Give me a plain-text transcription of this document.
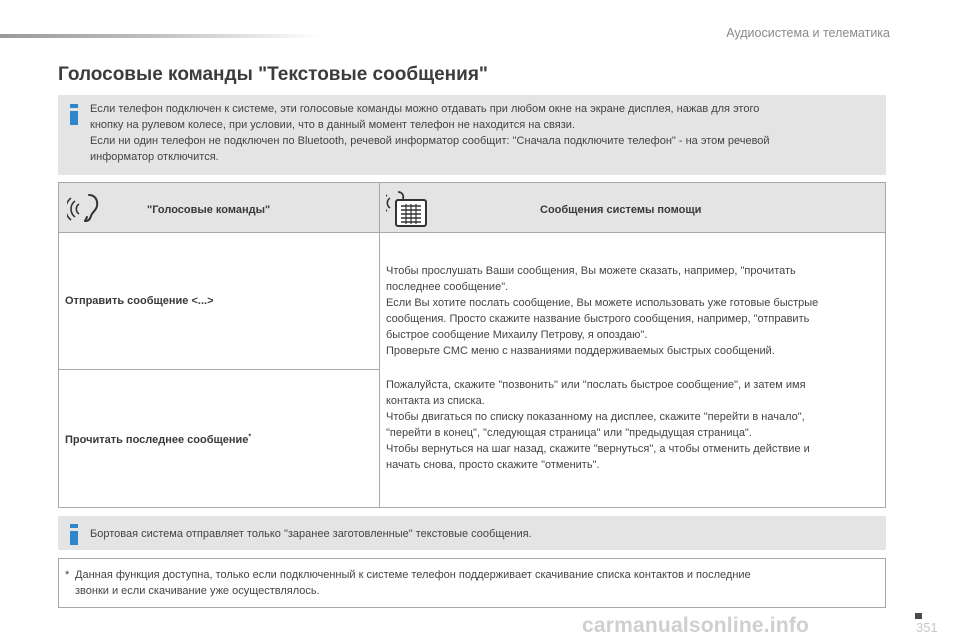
Аудиосистема и телематика
Голосовые команды "Текстовые сообщения"
Если телефон подключен к системе, эти голосовые команды можно отдавать при любом окне на экране дисплея, нажав для этого
кнопку на рулевом колесе, при условии, что в данный момент телефон не находится на связи.
Если ни один телефон не подключен по Bluetooth, речевой информатор сообщит: "Сначала подключите телефон" - на этом речевой
информатор отключится.
"Голосовые команды"	Сообщения системы помощи
Отправить сообщение <...>
Прочитать последнее сообщение*
Чтобы прослушать Ваши сообщения, Вы можете сказать, например, "прочитать
последнее сообщение".
Если Вы хотите послать сообщение, Вы можете использовать уже готовые быстрые
сообщения. Просто скажите название быстрого сообщения, например, "отправить
быстрое сообщение Михаилу Петрову, я опоздаю".
Проверьте СМС меню с названиями поддерживаемых быстрых сообщений.
Пожалуйста, скажите "позвонить" или "послать быстрое сообщение", и затем имя
контакта из списка.
Чтобы двигаться по списку показанному на дисплее, скажите "перейти в начало",
"перейти в конец", "следующая страница" или "предыдущая страница".
Чтобы вернуться на шаг назад, скажите "вернуться", а чтобы отменить действие и
начать снова, просто скажите "отменить".
Бортовая система отправляет только "заранее заготовленные" текстовые сообщения.
* Данная функция доступна, только если подключенный к системе телефон поддерживает скачивание списка контактов и последние
звонки и если скачивание уже осуществлялось.
carmanualsonline.info	351
